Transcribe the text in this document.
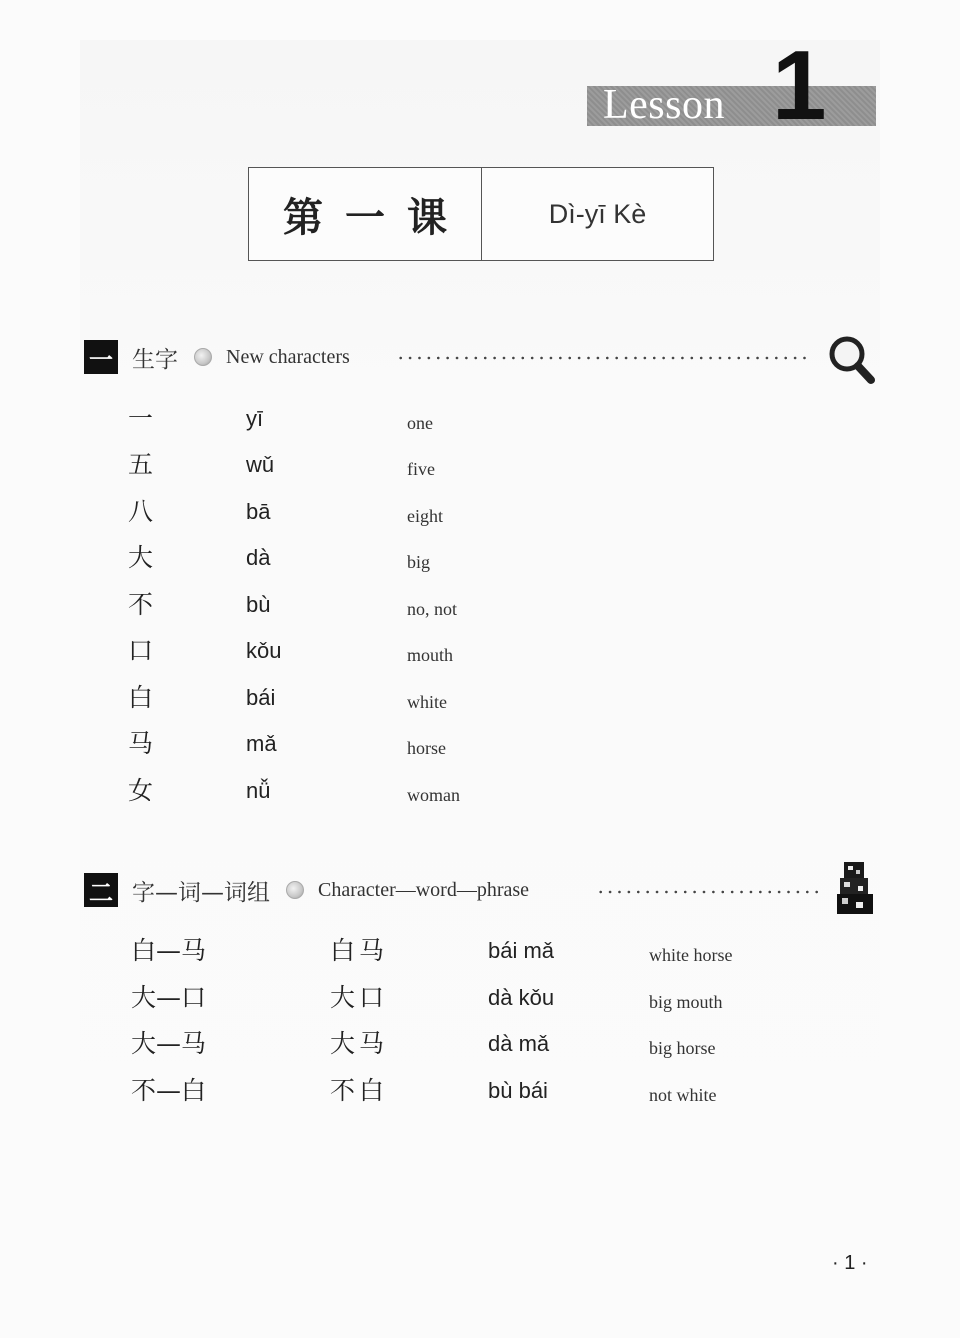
Lesson 1
第一课	Dì-yī Kè
一 生字 New characters
一	yī	one
五	wǔ	five
八	bā	eight
大	dà	big
不	bù	no, not
口	kǒu	mouth
白	bái	white
马	mǎ	horse
女	nǚ	woman
二 字—词—词组 Character—word—phrase
白—马	白马	bái mǎ	white horse
大—口	大口	dà kǒu	big mouth
大—马	大马	dà mǎ	big horse
不—白	不白	bù bái	not white
· 1 ·
